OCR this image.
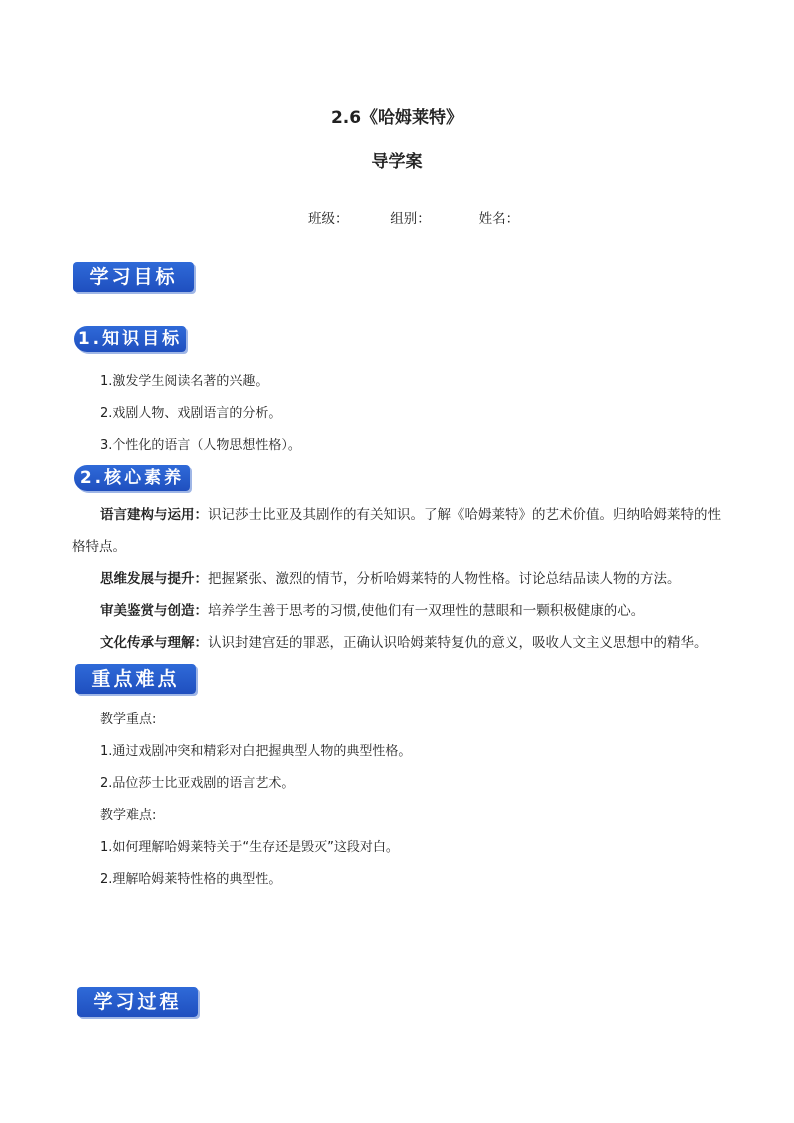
2.6《哈姆莱特》
导学案
班级：	组别：	姓名：
学习目标
1.知识目标
1.激发学生阅读名著的兴趣。
2.戏剧人物、戏剧语言的分析。
3.个性化的语言（人物思想性格）。
2.核心素养
语言建构与运用：识记莎士比亚及其剧作的有关知识。了解《哈姆莱特》的艺术价值。归纳哈姆莱特的性格特点。
思维发展与提升：把握紧张、激烈的情节，分析哈姆莱特的人物性格。讨论总结品读人物的方法。
审美鉴赏与创造：培养学生善于思考的习惯,使他们有一双理性的慧眼和一颗积极健康的心。
文化传承与理解：认识封建宫廷的罪恶，正确认识哈姆莱特复仇的意义，吸收人文主义思想中的精华。
重点难点
教学重点:
1.通过戏剧冲突和精彩对白把握典型人物的典型性格。
2.品位莎士比亚戏剧的语言艺术。
教学难点:
1.如何理解哈姆莱特关于“生存还是毁灭”这段对白。
2.理解哈姆莱特性格的典型性。
学习过程
